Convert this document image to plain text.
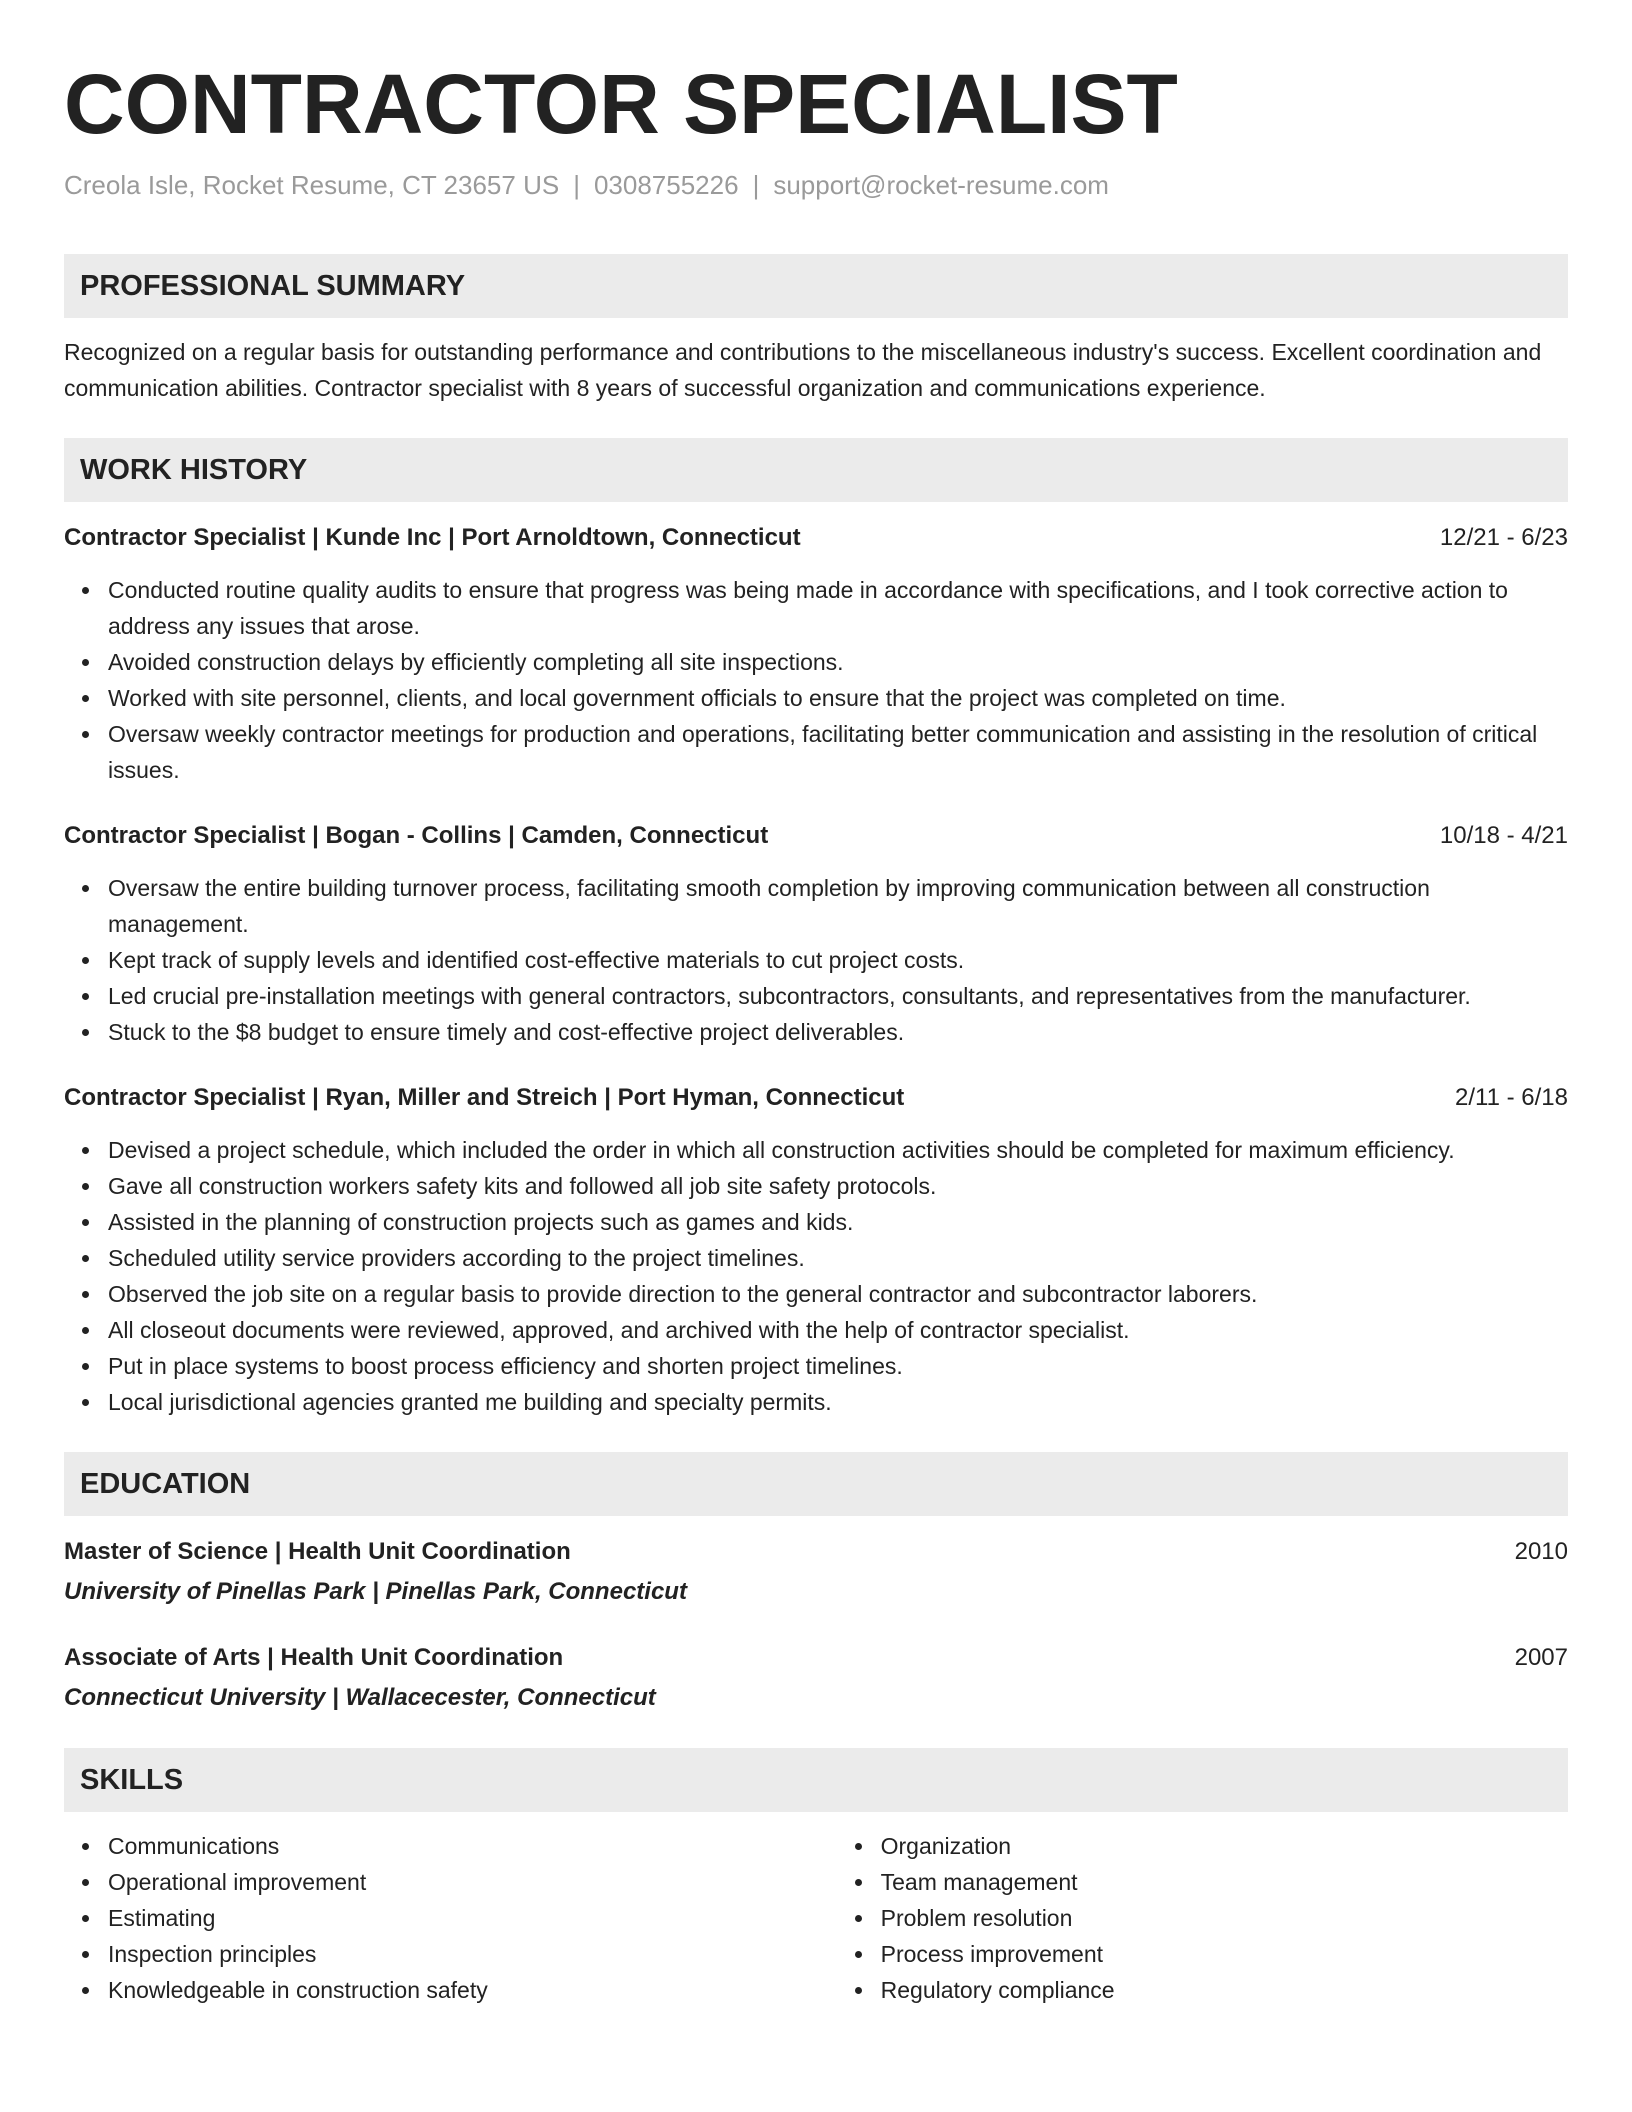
CONTRACTOR SPECIALIST
Creola Isle, Rocket Resume, CT 23657 US | 0308755226 | support@rocket-resume.com
PROFESSIONAL SUMMARY
Recognized on a regular basis for outstanding performance and contributions to the miscellaneous industry's success. Excellent coordination and communication abilities. Contractor specialist with 8 years of successful organization and communications experience.
WORK HISTORY
Contractor Specialist | Kunde Inc | Port Arnoldtown, Connecticut	12/21 - 6/23
Conducted routine quality audits to ensure that progress was being made in accordance with specifications, and I took corrective action to address any issues that arose.
Avoided construction delays by efficiently completing all site inspections.
Worked with site personnel, clients, and local government officials to ensure that the project was completed on time.
Oversaw weekly contractor meetings for production and operations, facilitating better communication and assisting in the resolution of critical issues.
Contractor Specialist | Bogan - Collins | Camden, Connecticut	10/18 - 4/21
Oversaw the entire building turnover process, facilitating smooth completion by improving communication between all construction management.
Kept track of supply levels and identified cost-effective materials to cut project costs.
Led crucial pre-installation meetings with general contractors, subcontractors, consultants, and representatives from the manufacturer.
Stuck to the $8 budget to ensure timely and cost-effective project deliverables.
Contractor Specialist | Ryan, Miller and Streich | Port Hyman, Connecticut	2/11 - 6/18
Devised a project schedule, which included the order in which all construction activities should be completed for maximum efficiency.
Gave all construction workers safety kits and followed all job site safety protocols.
Assisted in the planning of construction projects such as games and kids.
Scheduled utility service providers according to the project timelines.
Observed the job site on a regular basis to provide direction to the general contractor and subcontractor laborers.
All closeout documents were reviewed, approved, and archived with the help of contractor specialist.
Put in place systems to boost process efficiency and shorten project timelines.
Local jurisdictional agencies granted me building and specialty permits.
EDUCATION
Master of Science | Health Unit Coordination	2010
University of Pinellas Park | Pinellas Park, Connecticut
Associate of Arts | Health Unit Coordination	2007
Connecticut University | Wallacecester, Connecticut
SKILLS
Communications
Operational improvement
Estimating
Inspection principles
Knowledgeable in construction safety
Organization
Team management
Problem resolution
Process improvement
Regulatory compliance
